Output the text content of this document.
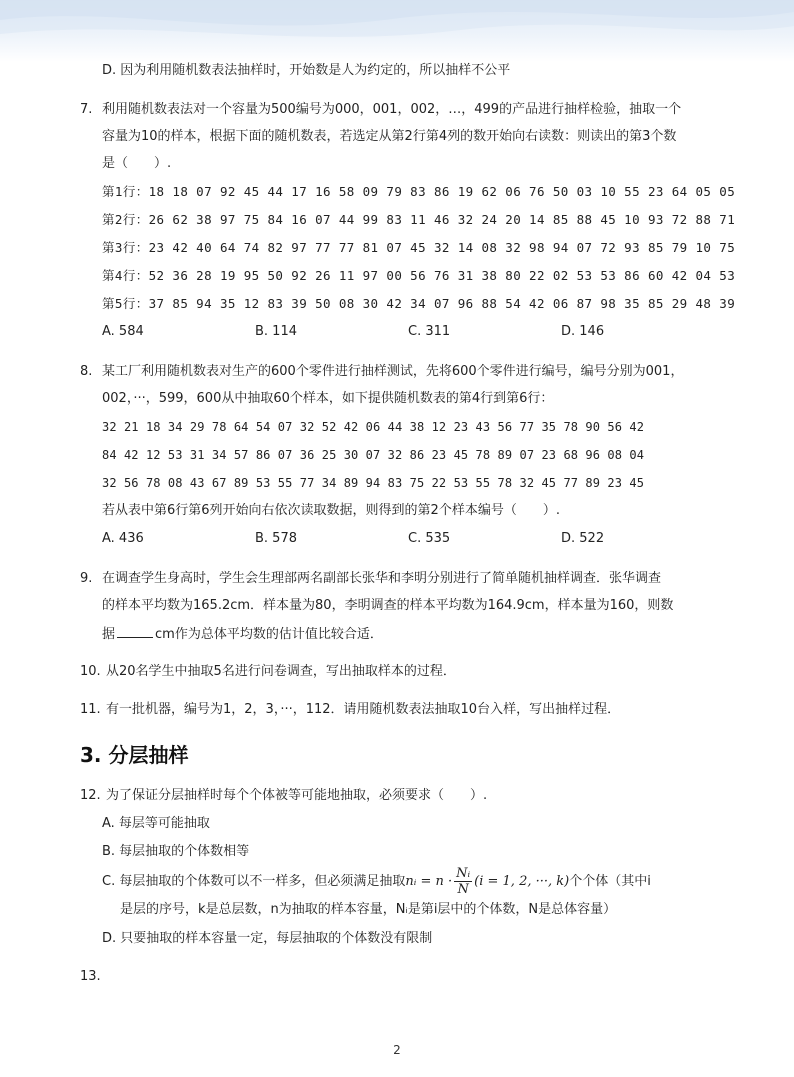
D. 因为利用随机数表法抽样时，开始数是人为约定的，所以抽样不公平
7. 利用随机数表法对一个容量为500编号为000，001，002，…，499的产品进行抽样检验，抽取一个
容量为10的样本，根据下面的随机数表，若选定从第2行第4列的数开始向右读数：则读出的第3个数
是（　　）.
第1行：18 18 07 92 45 44 17 16 58 09 79 83 86 19 62 06 76 50 03 10 55 23 64 05 05
第2行：26 62 38 97 75 84 16 07 44 99 83 11 46 32 24 20 14 85 88 45 10 93 72 88 71
第3行：23 42 40 64 74 82 97 77 77 81 07 45 32 14 08 32 98 94 07 72 93 85 79 10 75
第4行：52 36 28 19 95 50 92 26 11 97 00 56 76 31 38 80 22 02 53 53 86 60 42 04 53
第5行：37 85 94 35 12 83 39 50 08 30 42 34 07 96 88 54 42 06 87 98 35 85 29 48 39
A. 584	B. 114	C. 311	D. 146
8. 某工厂利用随机数表对生产的600个零件进行抽样测试，先将600个零件进行编号，编号分别为001，
002，···，599，600从中抽取60个样本，如下提供随机数表的第4行到第6行：
32 21 18 34 29 78 64 54 07 32 52 42 06 44 38 12 23 43 56 77 35 78 90 56 42
84 42 12 53 31 34 57 86 07 36 25 30 07 32 86 23 45 78 89 07 23 68 96 08 04
32 56 78 08 43 67 89 53 55 77 34 89 94 83 75 22 53 55 78 32 45 77 89 23 45
若从表中第6行第6列开始向右依次读取数据，则得到的第2个样本编号（　　）.
A. 436	B. 578	C. 535	D. 522
9. 在调查学生身高时，学生会生理部两名副部长张华和李明分别进行了简单随机抽样调查．张华调查
的样本平均数为165.2cm．样本量为80，李明调查的样本平均数为164.9cm，样本量为160，则数
据	cm作为总体平均数的估计值比较合适．
10. 从20名学生中抽取5名进行问卷调查，写出抽取样本的过程．
11. 有一批机器，编号为1，2，3，···，112．请用随机数表法抽取10台入样，写出抽样过程．
3. 分层抽样
12. 为了保证分层抽样时每个个体被等可能地抽取，必须要求（　　）.
A. 每层等可能抽取
B. 每层抽取的个体数相等
C. 每层抽取的个体数可以不一样多，但必须满足抽取nᵢ = $n \cdot \frac{\text{Nᵢ}}{N} (i = 1$, 2, ···, k)个个体（其中i
是层的序号，k是总层数，n为抽取的样本容量，Nᵢ是第i层中的个体数，N是总体容量）
D. 只要抽取的样本容量一定，每层抽取的个体数没有限制
13.
2
